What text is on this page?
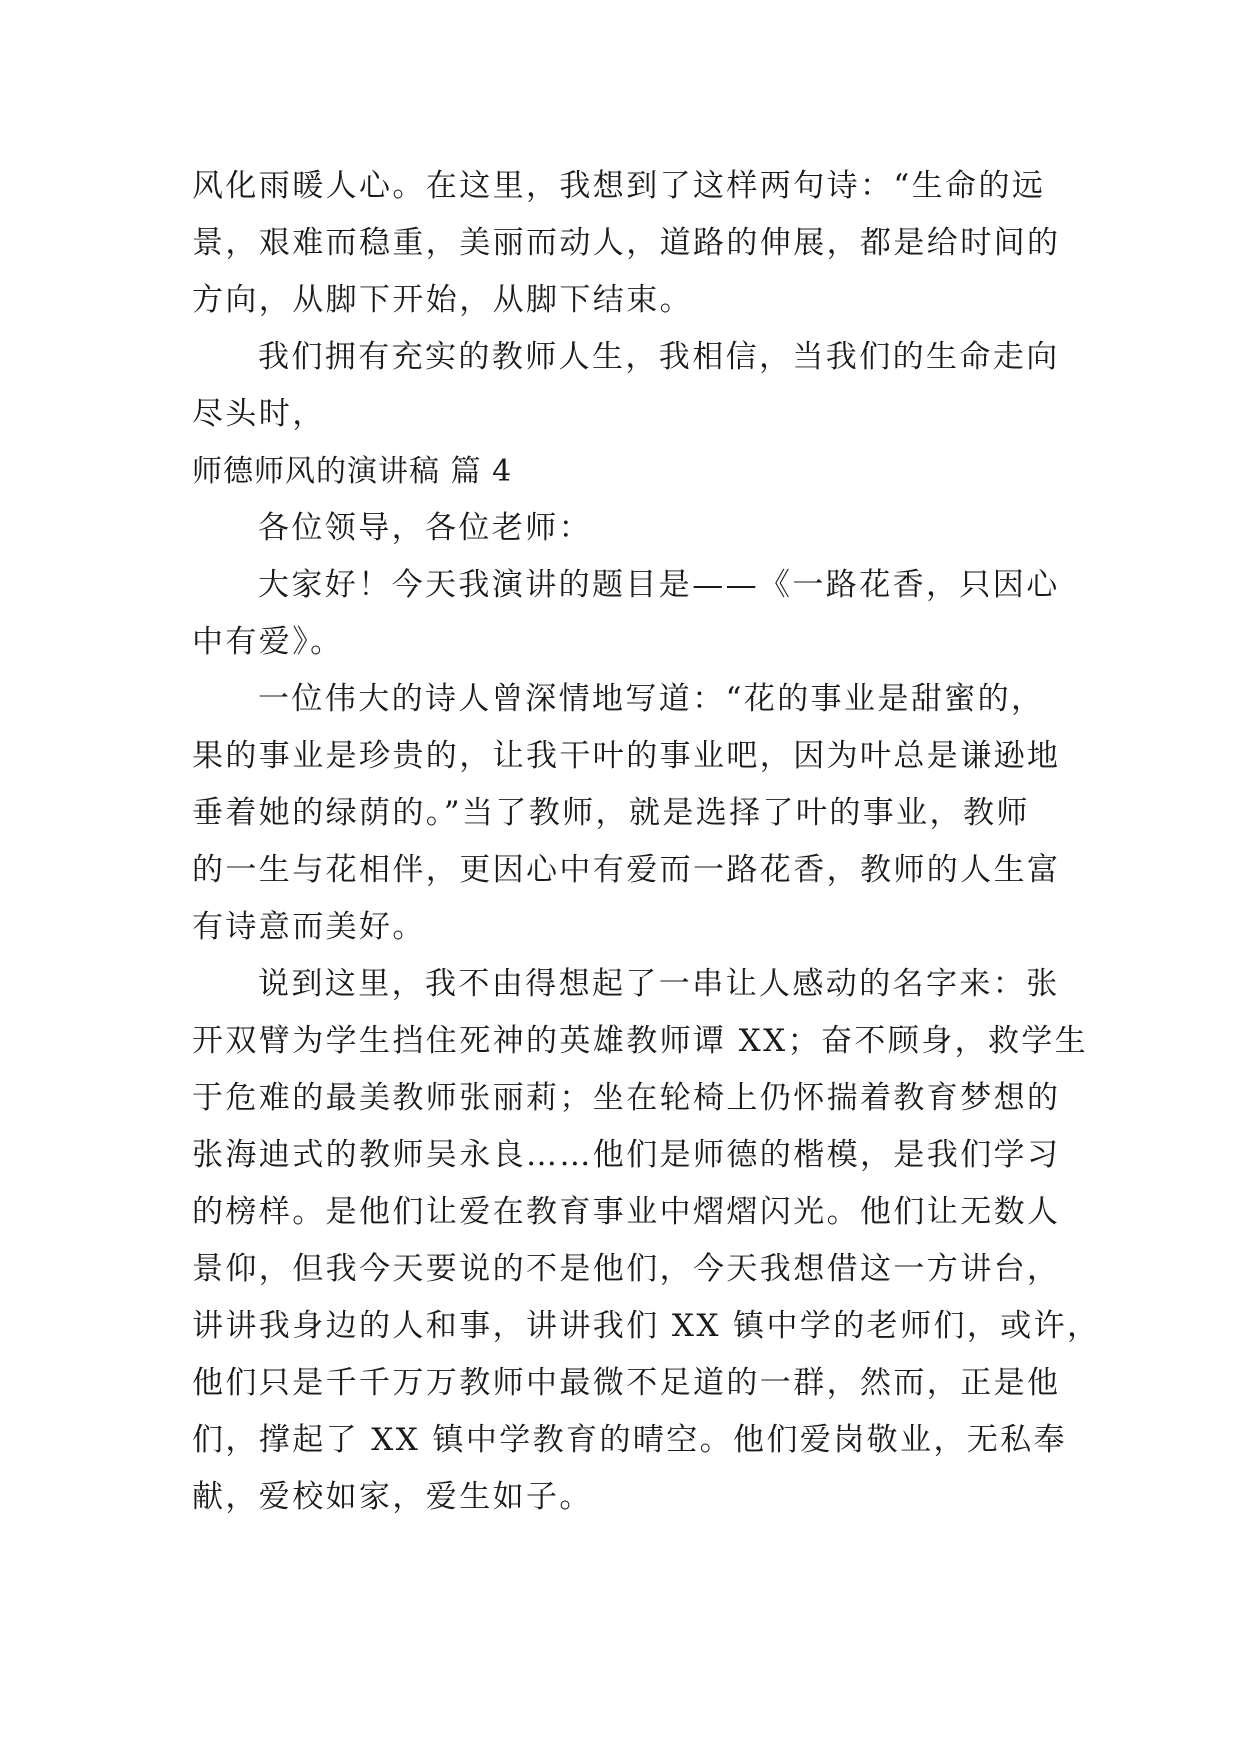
风化雨暖人心。在这里，我想到了这样两句诗：“生命的远
景，艰难而稳重，美丽而动人，道路的伸展，都是给时间的
方向，从脚下开始，从脚下结束。
我们拥有充实的教师人生，我相信，当我们的生命走向
尽头时，
师德师风的演讲稿 篇 4
各位领导，各位老师：
大家好！今天我演讲的题目是——《一路花香，只因心
中有爱》。
一位伟大的诗人曾深情地写道：“花的事业是甜蜜的，
果的事业是珍贵的，让我干叶的事业吧，因为叶总是谦逊地
垂着她的绿荫的。”当了教师，就是选择了叶的事业，教师
的一生与花相伴，更因心中有爱而一路花香，教师的人生富
有诗意而美好。
说到这里，我不由得想起了一串让人感动的名字来：张
开双臂为学生挡住死神的英雄教师谭 XX；奋不顾身，救学生
于危难的最美教师张丽莉；坐在轮椅上仍怀揣着教育梦想的
张海迪式的教师吴永良……他们是师德的楷模，是我们学习
的榜样。是他们让爱在教育事业中熠熠闪光。他们让无数人
景仰，但我今天要说的不是他们，今天我想借这一方讲台，
讲讲我身边的人和事，讲讲我们 XX 镇中学的老师们，或许，
他们只是千千万万教师中最微不足道的一群，然而，正是他
们，撑起了 XX 镇中学教育的晴空。他们爱岗敬业，无私奉
献，爱校如家，爱生如子。
